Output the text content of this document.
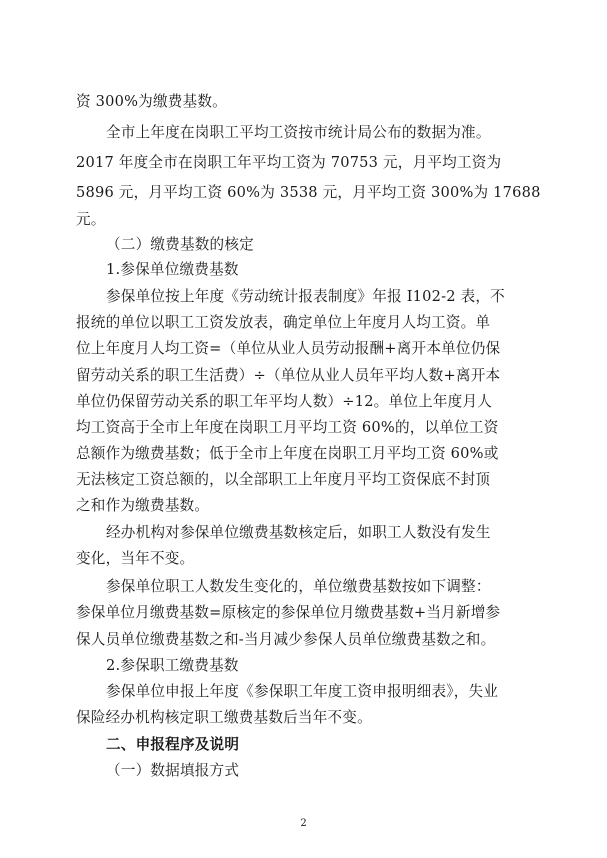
资 300%为缴费基数。
全市上年度在岗职工平均工资按市统计局公布的数据为准。
2017 年度全市在岗职工年平均工资为 70753 元，月平均工资为
5896 元，月平均工资 60%为 3538 元，月平均工资 300%为 17688
元。
（二）缴费基数的核定
1.参保单位缴费基数
参保单位按上年度《劳动统计报表制度》年报 I102-2 表，不
报统的单位以职工工资发放表，确定单位上年度月人均工资。单
位上年度月人均工资=（单位从业人员劳动报酬+离开本单位仍保
留劳动关系的职工生活费）÷（单位从业人员年平均人数+离开本
单位仍保留劳动关系的职工年平均人数）÷12。单位上年度月人
均工资高于全市上年度在岗职工月平均工资 60%的，以单位工资
总额作为缴费基数；低于全市上年度在岗职工月平均工资 60%或
无法核定工资总额的，以全部职工上年度月平均工资保底不封顶
之和作为缴费基数。
经办机构对参保单位缴费基数核定后，如职工人数没有发生
变化，当年不变。
参保单位职工人数发生变化的，单位缴费基数按如下调整：
参保单位月缴费基数=原核定的参保单位月缴费基数+当月新增参
保人员单位缴费基数之和-当月减少参保人员单位缴费基数之和。
2.参保职工缴费基数
参保单位申报上年度《参保职工年度工资申报明细表》，失业
保险经办机构核定职工缴费基数后当年不变。
二、申报程序及说明
（一）数据填报方式
2
